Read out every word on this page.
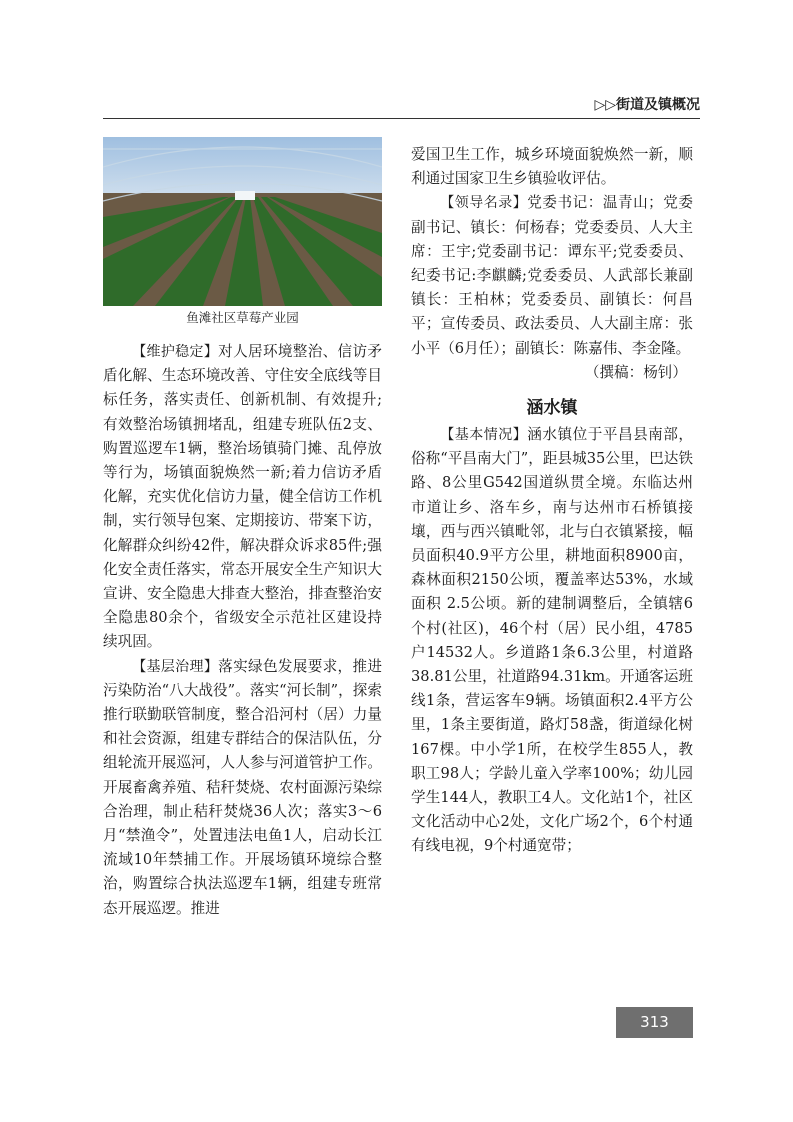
▷▷街道及镇概况
鱼滩社区草莓产业园

【维护稳定】对人居环境整治、信访矛盾化解、生态环境改善、守住安全底线等目标任务，落实责任、创新机制、有效提升;有效整治场镇拥堵乱，组建专班队伍2支、购置巡逻车1辆，整治场镇骑门摊、乱停放等行为，场镇面貌焕然一新;着力信访矛盾化解，充实优化信访力量，健全信访工作机制，实行领导包案、定期接访、带案下访，化解群众纠纷42件，解决群众诉求85件;强化安全责任落实，常态开展安全生产知识大宣讲、安全隐患大排查大整治，排查整治安全隐患80余个，省级安全示范社区建设持续巩固。

【基层治理】落实绿色发展要求，推进污染防治“八大战役”。落实“河长制”，探索推行联勤联管制度，整合沿河村（居）力量和社会资源，组建专群结合的保洁队伍，分组轮流开展巡河，人人参与河道管护工作。开展畜禽养殖、秸秆焚烧、农村面源污染综合治理，制止秸秆焚烧36人次；落实3～6月“禁渔令”，处置违法电鱼1人，启动长江流域10年禁捕工作。开展场镇环境综合整治，购置综合执法巡逻车1辆，组建专班常态开展巡逻。推进

爱国卫生工作，城乡环境面貌焕然一新，顺利通过国家卫生乡镇验收评估。

【领导名录】党委书记：温青山；党委副书记、镇长：何杨春；党委委员、人大主席：王宇;党委副书记：谭东平;党委委员、纪委书记:李麒麟;党委委员、人武部长兼副镇长：王柏林；党委委员、副镇长：何昌平；宣传委员、政法委员、人大副主席：张小平（6月任）；副镇长：陈嘉伟、李金隆。

（撰稿：杨钊）

涵水镇

【基本情况】涵水镇位于平昌县南部，俗称“平昌南大门”，距县城35公里，巴达铁路、8公里G542国道纵贯全境。东临达州市道让乡、洛车乡，南与达州市石桥镇接壤，西与西兴镇毗邻，北与白衣镇紧接，幅员面积40.9平方公里，耕地面积8900亩，森林面积2150公顷，覆盖率达53%，水域面积 2.5公顷。新的建制调整后，全镇辖6个村(社区)，46个村（居）民小组，4785户14532人。乡道路1条6.3公里，村道路38.81公里，社道路94.31km。开通客运班线1条，营运客车9辆。场镇面积2.4平方公里，1条主要街道，路灯58盏，街道绿化树167棵。中小学1所，在校学生855人，教职工98人；学龄儿童入学率100%；幼儿园学生144人，教职工4人。文化站1个，社区文化活动中心2处，文化广场2个，6个村通有线电视，9个村通宽带；

313
